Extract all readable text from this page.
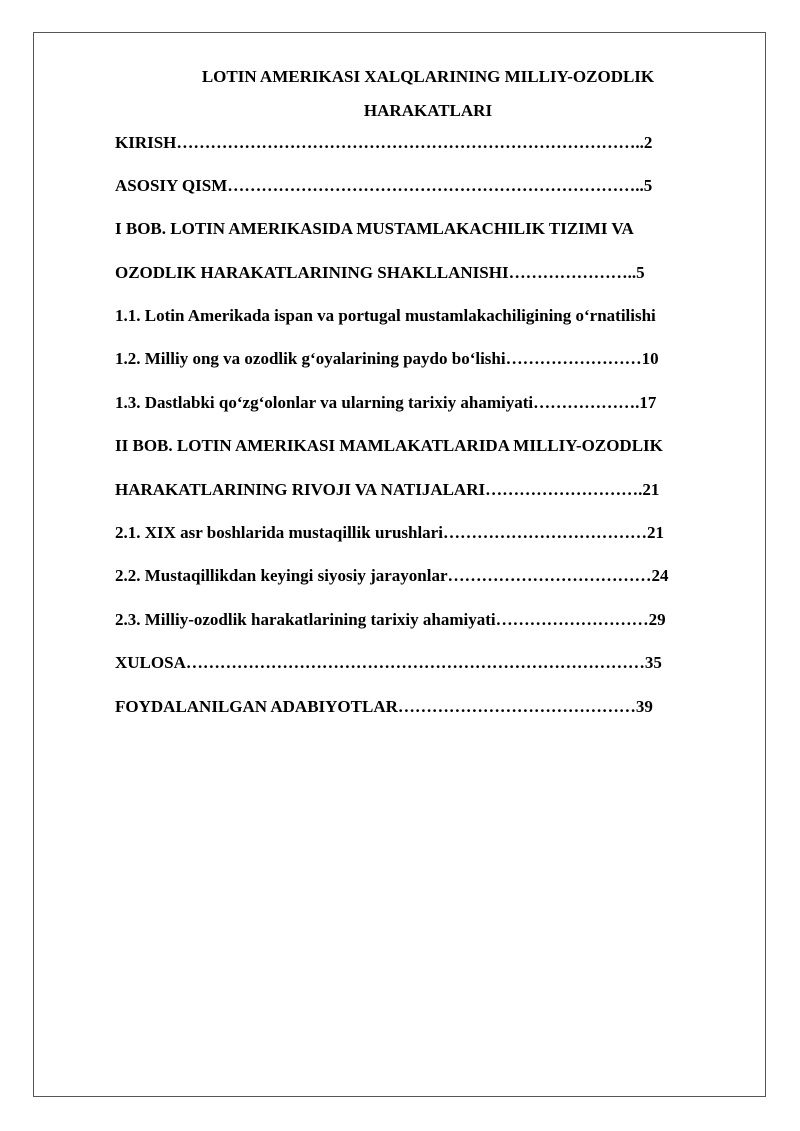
LOTIN AMERIKASI XALQLARINING MILLIY-OZODLIK

HARAKATLARI

KIRISH………………………………………………………………………..2

ASOSIY QISM………………………………………………………………..5

I BOB. LOTIN AMERIKASIDA MUSTAMLAKACHILIK TIZIMI VA

OZODLIK HARAKATLARINING SHAKLLANISHI…………………..5

1.1. Lotin Amerikada ispan va portugal mustamlakachiligining o‘rnatilishi

1.2. Milliy ong va ozodlik g‘oyalarining paydo bo‘lishi……………………10

1.3. Dastlabki qo‘zg‘olonlar va ularning tarixiy ahamiyati……………….17

II BOB. LOTIN AMERIKASI MAMLAKATLARIDA MILLIY-OZODLIK

HARAKATLARINING RIVOJI VA NATIJALARI……………………….21

2.1. XIX asr boshlarida mustaqillik urushlari………………………………21

2.2. Mustaqillikdan keyingi siyosiy jarayonlar………………………………24

2.3. Milliy-ozodlik harakatlarining tarixiy ahamiyati………………………29

XULOSA………………………………………………………………………35

FOYDALANILGAN ADABIYOTLAR……………………………………39
